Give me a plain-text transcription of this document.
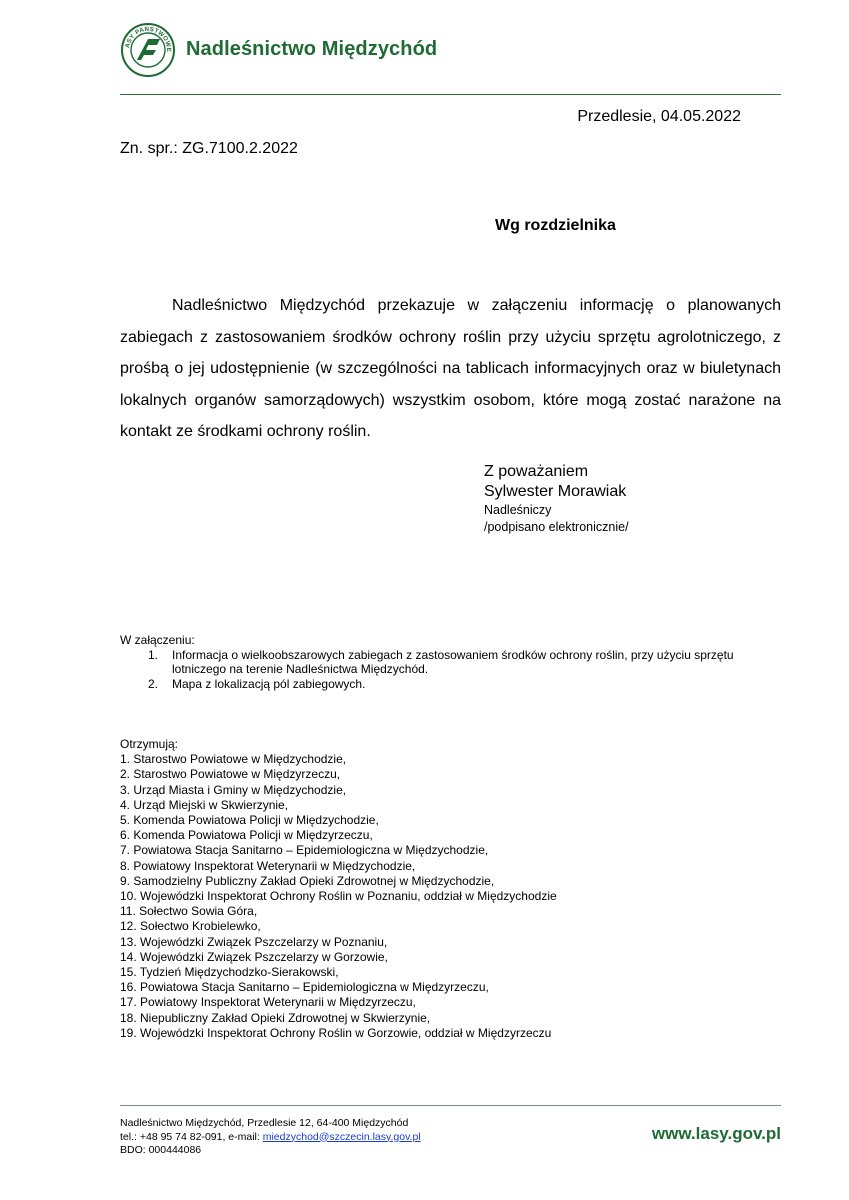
ASY PAŃSTWOWE Nadleśnictwo Międzychód
Przedlesie, 04.05.2022
Zn. spr.: ZG.7100.2.2022
Wg rozdzielnika

Nadleśnictwo Międzychód przekazuje w załączeniu informację o planowanych zabiegach z zastosowaniem środków ochrony roślin przy użyciu sprzętu agrolotniczego, z prośbą o jej udostępnienie (w szczególności na tablicach informacyjnych oraz w biuletynach lokalnych organów samorządowych) wszystkim osobom, które mogą zostać narażone na kontakt ze środkami ochrony roślin.

Z poważaniem
Sylwester Morawiak
Nadleśniczy
/podpisano elektronicznie/
W załączeniu:
1. Informacja o wielkoobszarowych zabiegach z zastosowaniem środków ochrony roślin, przy użyciu sprzętu lotniczego na terenie Nadleśnictwa Międzychód.
2. Mapa z lokalizacją pól zabiegowych.
Otrzymują:
1. Starostwo Powiatowe w Międzychodzie,
2. Starostwo Powiatowe w Międzyrzeczu,
3. Urząd Miasta i Gminy w Międzychodzie,
4. Urząd Miejski w Skwierzynie,
5. Komenda Powiatowa Policji w Międzychodzie,
6. Komenda Powiatowa Policji w Międzyrzeczu,
7. Powiatowa Stacja Sanitarno – Epidemiologiczna w Międzychodzie,
8. Powiatowy Inspektorat Weterynarii w Międzychodzie,
9. Samodzielny Publiczny Zakład Opieki Zdrowotnej w Międzychodzie,
10. Wojewódzki Inspektorat Ochrony Roślin w Poznaniu, oddział w Międzychodzie
11. Sołectwo Sowia Góra,
12. Sołectwo Krobielewko,
13. Wojewódzki Związek Pszczelarzy w Poznaniu,
14. Wojewódzki Związek Pszczelarzy w Gorzowie,
15. Tydzień Międzychodzko-Sierakowski,
16. Powiatowa Stacja Sanitarno – Epidemiologiczna w Międzyrzeczu,
17. Powiatowy Inspektorat Weterynarii w Międzyrzeczu,
18. Niepubliczny Zakład Opieki Zdrowotnej w Skwierzynie,
19. Wojewódzki Inspektorat Ochrony Roślin w Gorzowie, oddział w Międzyrzeczu
Nadleśnictwo Międzychód, Przedlesie 12, 64-400 Międzychód
tel.: +48 95 74 82-091, e-mail: miedzychod@szczecin.lasy.gov.pl
BDO: 000444086
www.lasy.gov.pl
